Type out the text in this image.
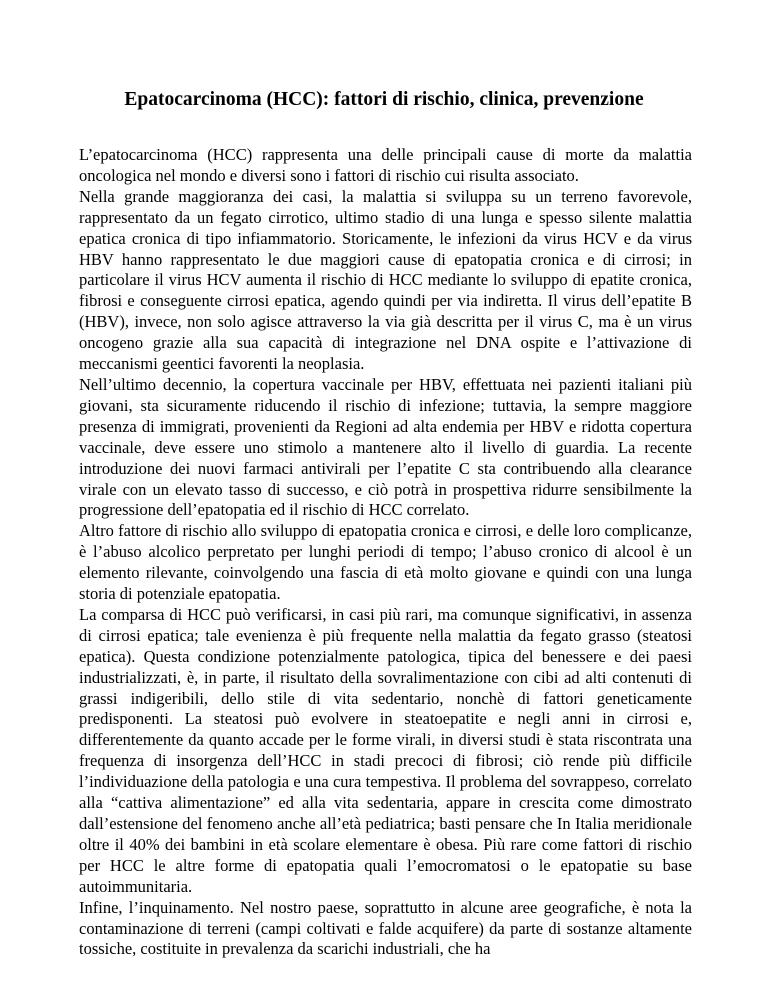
Epatocarcinoma (HCC): fattori di rischio, clinica, prevenzione

L’epatocarcinoma (HCC) rappresenta una delle principali cause di morte da malattia oncologica nel mondo e diversi sono i fattori di rischio cui risulta associato.

Nella grande maggioranza dei casi, la malattia si sviluppa su un terreno favorevole, rappresentato da un fegato cirrotico, ultimo stadio di una lunga e spesso silente malattia epatica cronica di tipo infiammatorio. Storicamente, le infezioni da virus HCV e da virus HBV hanno rappresentato le due maggiori cause di epatopatia cronica e di cirrosi; in particolare il virus HCV aumenta il rischio di HCC mediante lo sviluppo di epatite cronica, fibrosi e conseguente cirrosi epatica, agendo quindi per via indiretta. Il virus dell’epatite B (HBV), invece, non solo agisce attraverso la via già descritta per il virus C, ma è un virus oncogeno grazie alla sua capacità di integrazione nel DNA ospite e l’attivazione di meccanismi geentici favorenti la neoplasia.

Nell’ultimo decennio, la copertura vaccinale per HBV, effettuata nei pazienti italiani più giovani, sta sicuramente riducendo il rischio di infezione; tuttavia, la sempre maggiore presenza di immigrati, provenienti da Regioni ad alta endemia per HBV e ridotta copertura vaccinale, deve essere uno stimolo a mantenere alto il livello di guardia. La recente introduzione dei nuovi farmaci antivirali per l’epatite C sta contribuendo alla clearance virale con un elevato tasso di successo, e ciò potrà in prospettiva ridurre sensibilmente la progressione dell’epatopatia ed il rischio di HCC correlato.

Altro fattore di rischio allo sviluppo di epatopatia cronica e cirrosi, e delle loro complicanze, è l’abuso alcolico perpretato per lunghi periodi di tempo; l’abuso cronico di alcool è un elemento rilevante, coinvolgendo una fascia di età molto giovane e quindi con una lunga storia di potenziale epatopatia.

La comparsa di HCC può verificarsi, in casi più rari, ma comunque significativi, in assenza di cirrosi epatica; tale evenienza è più frequente nella malattia da fegato grasso (steatosi epatica). Questa condizione potenzialmente patologica, tipica del benessere e dei paesi industrializzati, è, in parte, il risultato della sovralimentazione con cibi ad alti contenuti di grassi indigeribili, dello stile di vita sedentario, nonchè di fattori geneticamente predisponenti. La steatosi può evolvere in steatoepatite e negli anni in cirrosi e, differentemente da quanto accade per le forme virali, in diversi studi è stata riscontrata una frequenza di insorgenza dell’HCC in stadi precoci di fibrosi; ciò rende più difficile l’individuazione della patologia e una cura tempestiva. Il problema del sovrappeso, correlato alla “cattiva alimentazione” ed alla vita sedentaria, appare in crescita come dimostrato dall’estensione del fenomeno anche all’età pediatrica; basti pensare che In Italia meridionale oltre il 40% dei bambini in età scolare elementare è obesa. Più rare come fattori di rischio per HCC le altre forme di epatopatia quali l’emocromatosi o le epatopatie su base autoimmunitaria.

Infine, l’inquinamento. Nel nostro paese, soprattutto in alcune aree geografiche, è nota la contaminazione di terreni (campi coltivati e falde acquifere) da parte di sostanze altamente tossiche, costituite in prevalenza da scarichi industriali, che ha
